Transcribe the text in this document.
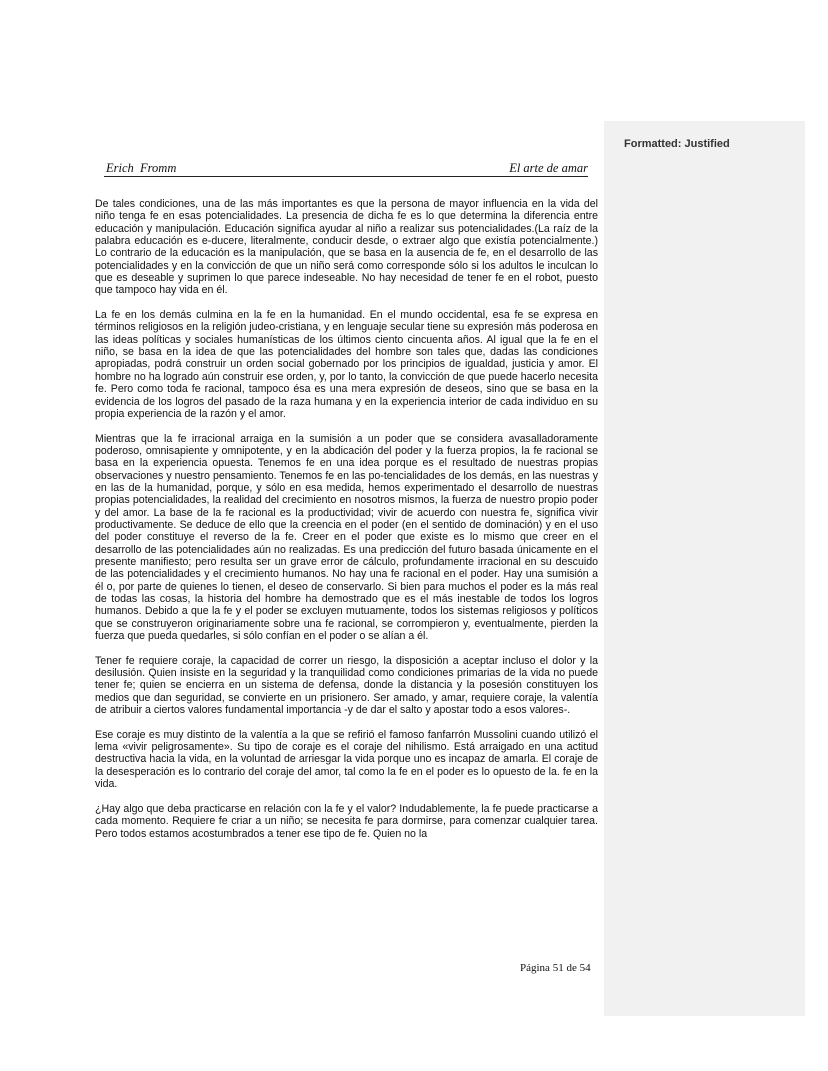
Formatted: Justified
Erich  Fromm	El arte de amar

De tales condiciones, una de las más importantes es que la persona de mayor influencia en la vida del niño tenga fe en esas potencialidades. La presencia de dicha fe es lo que determina la diferencia entre educación y manipulación. Educación significa ayudar al niño a realizar sus potencialidades.(La raíz de la palabra educación es e-ducere, literalmente, conducir desde, o extraer algo que existía potencialmente.) Lo contrario de la educación es la manipulación, que se basa en la ausencia de fe, en el desarrollo de las potencialidades y en la convicción de que un niño será como corresponde sólo si los adultos le inculcan lo que es deseable y suprimen lo que parece indeseable. No hay necesidad de tener fe en el robot, puesto que tampoco hay vida en él.

La fe en los demás culmina en la fe en la humanidad. En el mundo occidental, esa fe se expresa en términos religiosos en la religión judeo-cristiana, y en lenguaje secular tiene su expresión más poderosa en las ideas políticas y sociales humanísticas de los últimos ciento cincuenta años. Al igual que la fe en el niño, se basa en la idea de que las potencialidades del hombre son tales que, dadas las condiciones apropiadas, podrá construir un orden social gobernado por los principios de igualdad, justicia y amor. El hombre no ha logrado aún construir ese orden, y, por lo tanto, la convicción de que puede hacerlo necesita fe. Pero como toda fe racional, tampoco ésa es una mera expresión de deseos, sino que se basa en la evidencia de los logros del pasado de la raza humana y en la experiencia interior de cada individuo en su propia experiencia de la razón y el amor.

Mientras que la fe irracional arraiga en la sumisión a un poder que se considera avasalladoramente poderoso, omnisapiente y omnipotente, y en la abdicación del poder y la fuerza propios, la fe racional se basa en la experiencia opuesta. Tenemos fe en una idea porque es el resultado de nuestras propias observaciones y nuestro pensamiento. Tenemos fe en las po-tencialidades de los demás, en las nuestras y en las de la humanidad, porque, y sólo en esa medida, hemos experimentado el desarrollo de nuestras propias potencialidades, la realidad del crecimiento en nosotros mismos, la fuerza de nuestro propio poder y del amor. La base de la fe racional es la productividad; vivir de acuerdo con nuestra fe, significa vivir productivamente. Se deduce de ello que la creencia en el poder (en el sentido de dominación) y en el uso del poder constituye el reverso de la fe. Creer en el poder que existe es lo mismo que creer en el desarrollo de las potencialidades aún no realizadas. Es una predicción del futuro basada únicamente en el presente manifiesto; pero resulta ser un grave error de cálculo, profundamente irracional en su descuido de las potencialidades y el crecimiento humanos. No hay una fe racional en el poder. Hay una sumisión a él o, por parte de quienes lo tienen, el deseo de conservarlo. Si bien para muchos el poder es la más real de todas las cosas, la historia del hombre ha demostrado que es el más inestable de todos los logros humanos. Debido a que la fe y el poder se excluyen mutuamente, todos los sistemas religiosos y políticos que se construyeron originariamente sobre una fe racional, se corrompieron y, eventualmente, pierden la fuerza que pueda quedarles, si sólo confían en el poder o se alían a él.

Tener fe requiere coraje, la capacidad de correr un riesgo, la disposición a aceptar incluso el dolor y la desilusión. Quien insiste en la seguridad y la tranquilidad como condiciones primarias de la vida no puede tener fe; quien se encierra en un sistema de defensa, donde la distancia y la posesión constituyen los medios que dan seguridad, se convierte en un prisionero. Ser amado, y amar, requiere coraje, la valentía de atribuir a ciertos valores fundamental importancia -y de dar el salto y apostar todo a esos valores-.

Ese coraje es muy distinto de la valentía a la que se refirió el famoso fanfarrón Mussolini cuando utilizó el lema «vivir peligrosamente». Su tipo de coraje es el coraje del nihilismo. Está arraigado en una actitud destructiva hacia la vida, en la voluntad de arriesgar la vida porque uno es incapaz de amarla. El coraje de la desesperación es lo contrario del coraje del amor, tal como la fe en el poder es lo opuesto de la. fe en la vida.

¿Hay algo que deba practicarse en relación con la fe y el valor? Indudablemente, la fe puede practicarse a cada momento. Requiere fe criar a un niño; se necesita fe para dormirse, para comenzar cualquier tarea. Pero todos estamos acostumbrados a tener ese tipo de fe. Quien no la

Página 51 de 54
